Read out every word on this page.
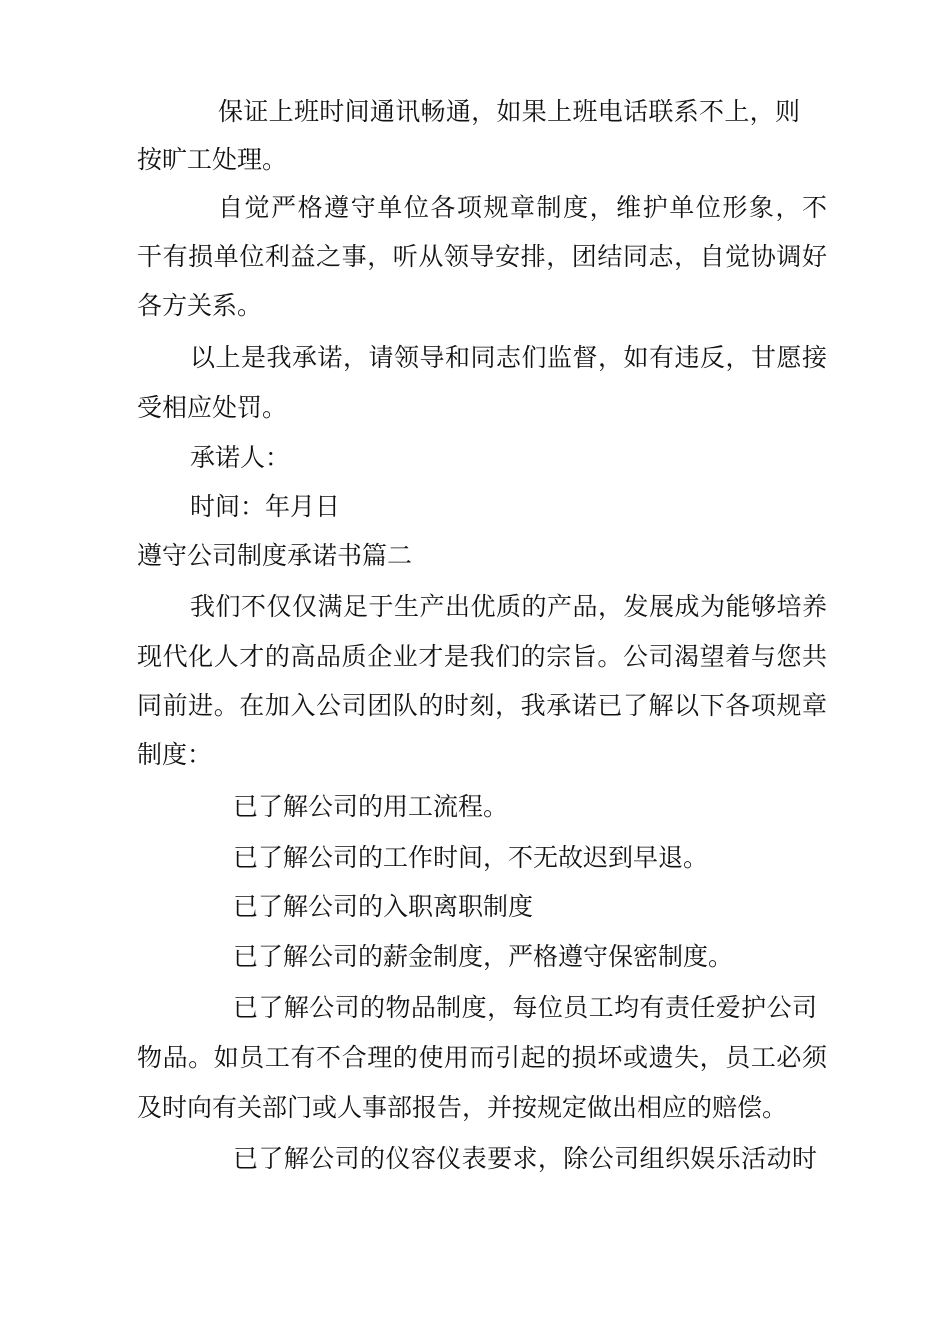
保证上班时间通讯畅通，如果上班电话联系不上，则
按旷工处理。
自觉严格遵守单位各项规章制度，维护单位形象，不
干有损单位利益之事，听从领导安排，团结同志，自觉协调好
各方关系。
以上是我承诺，请领导和同志们监督，如有违反，甘愿接
受相应处罚。
承诺人：
时间：年月日
遵守公司制度承诺书篇二
我们不仅仅满足于生产出优质的产品，发展成为能够培养
现代化人才的高品质企业才是我们的宗旨。公司渴望着与您共
同前进。在加入公司团队的时刻，我承诺已了解以下各项规章
制度：
已了解公司的用工流程。
已了解公司的工作时间，不无故迟到早退。
已了解公司的入职离职制度
已了解公司的薪金制度，严格遵守保密制度。
已了解公司的物品制度，每位员工均有责任爱护公司
物品。如员工有不合理的使用而引起的损坏或遗失，员工必须
及时向有关部门或人事部报告，并按规定做出相应的赔偿。
已了解公司的仪容仪表要求，除公司组织娱乐活动时
